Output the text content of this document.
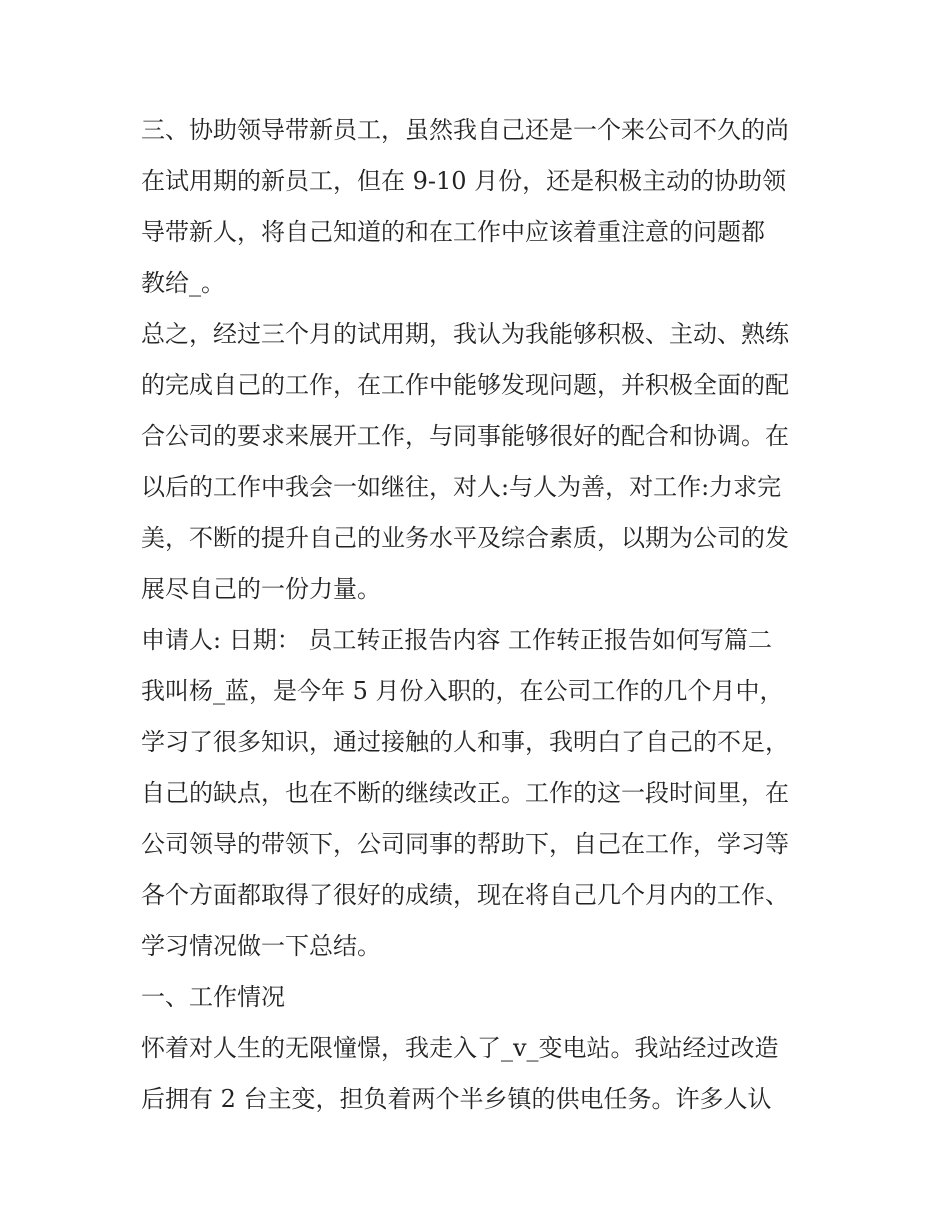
三、协助领导带新员工，虽然我自己还是一个来公司不久的尚
在试用期的新员工，但在 9-10 月份，还是积极主动的协助领
导带新人，将自己知道的和在工作中应该着重注意的问题都
教给_。
总之，经过三个月的试用期，我认为我能够积极、主动、熟练
的完成自己的工作，在工作中能够发现问题，并积极全面的配
合公司的要求来展开工作，与同事能够很好的配合和协调。在
以后的工作中我会一如继往，对人:与人为善，对工作:力求完
美，不断的提升自己的业务水平及综合素质，以期为公司的发
展尽自己的一份力量。
申请人: 日期： 员工转正报告内容 工作转正报告如何写篇二
我叫杨_蓝，是今年 5 月份入职的，在公司工作的几个月中，
学习了很多知识，通过接触的人和事，我明白了自己的不足，
自己的缺点，也在不断的继续改正。工作的这一段时间里，在
公司领导的带领下，公司同事的帮助下，自己在工作，学习等
各个方面都取得了很好的成绩，现在将自己几个月内的工作、
学习情况做一下总结。
一、工作情况
怀着对人生的无限憧憬，我走入了_v_变电站。我站经过改造
后拥有 2 台主变，担负着两个半乡镇的供电任务。许多人认
